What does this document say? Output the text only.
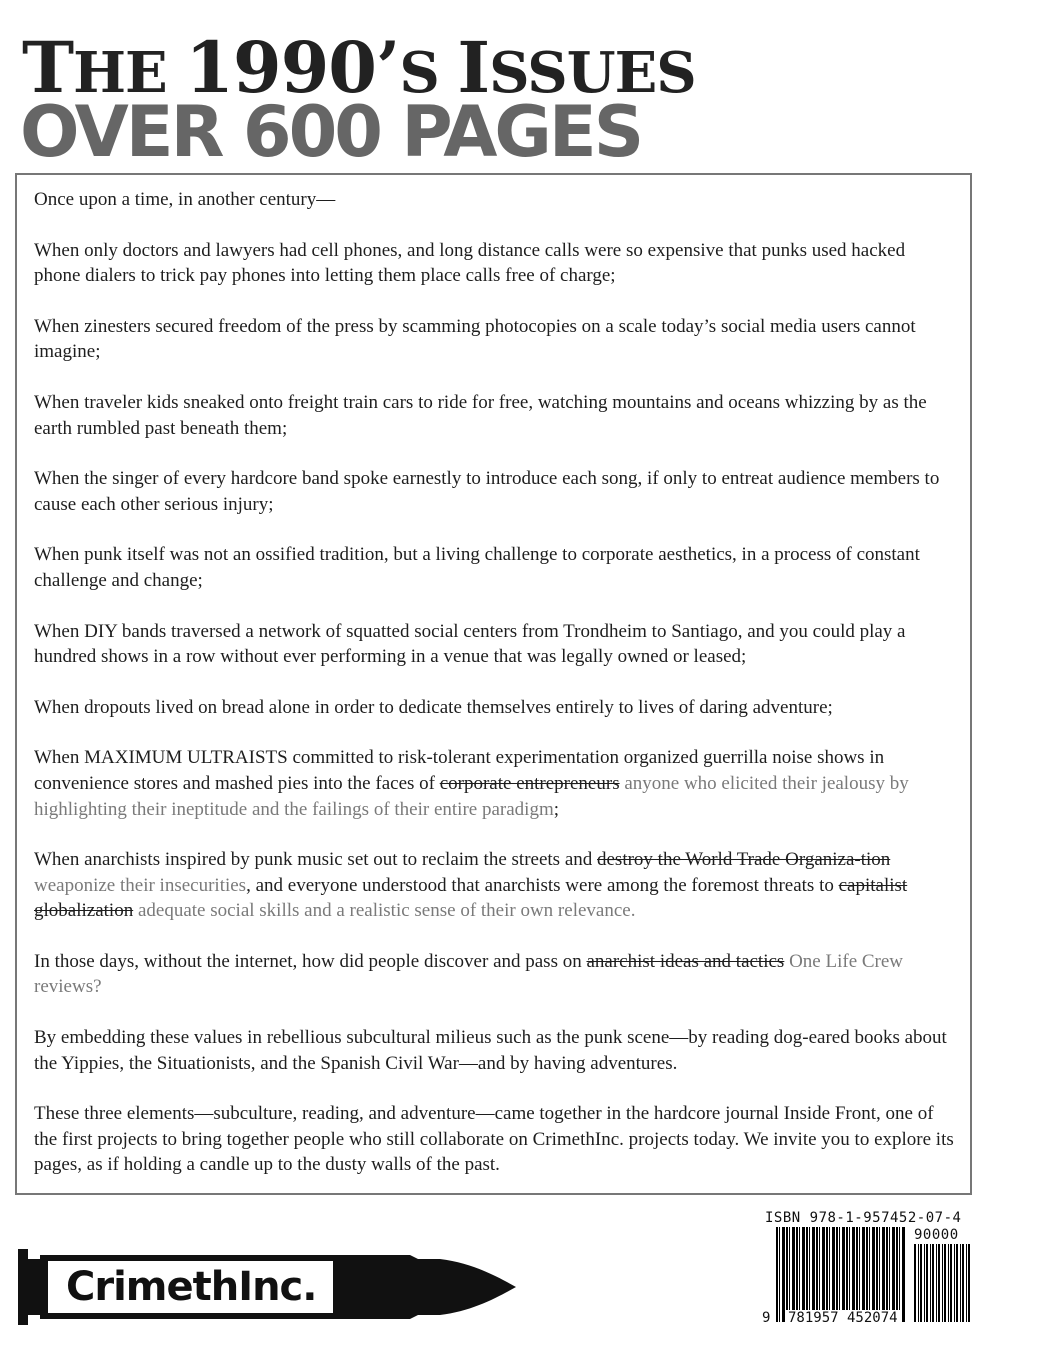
THE 1990’S ISSUES
OVER 600 PAGES

Once upon a time, in another century—

When only doctors and lawyers had cell phones, and long distance calls were so expensive that punks used hacked phone dialers to trick pay phones into letting them place calls free of charge;

When zinesters secured freedom of the press by scamming photocopies on a scale today’s social media users cannot imagine;

When traveler kids sneaked onto freight train cars to ride for free, watching mountains and oceans whizzing by as the earth rumbled past beneath them;

When the singer of every hardcore band spoke earnestly to introduce each song, if only to entreat audience members to cause each other serious injury;

When punk itself was not an ossified tradition, but a living challenge to corporate aesthetics, in a process of constant challenge and change;

When DIY bands traversed a network of squatted social centers from Trondheim to Santiago, and you could play a hundred shows in a row without ever performing in a venue that was legally owned or leased;

When dropouts lived on bread alone in order to dedicate themselves entirely to lives of daring adventure;

When MAXIMUM ULTRAISTS committed to risk-tolerant experimentation organized guerrilla noise shows in convenience stores and mashed pies into the faces of corporate entrepreneurs anyone who elicited their jealousy by highlighting their ineptitude and the failings of their entire paradigm;

When anarchists inspired by punk music set out to reclaim the streets and destroy the World Trade Organiza-tion weaponize their insecurities, and everyone understood that anarchists were among the foremost threats to capitalist globalization adequate social skills and a realistic sense of their own relevance.

In those days, without the internet, how did people discover and pass on anarchist ideas and tactics One Life Crew reviews?

By embedding these values in rebellious subcultural milieus such as the punk scene—by reading dog-eared books about the Yippies, the Situationists, and the Spanish Civil War—and by having adventures.

These three elements—subculture, reading, and adventure—came together in the hardcore journal Inside Front, one of the first projects to bring together people who still collaborate on CrimethInc. projects today. We invite you to explore its pages, as if holding a candle up to the dusty walls of the past.

ISBN 978-1-957452-07-4
90000
9 781957 452074
CrimethInc.
